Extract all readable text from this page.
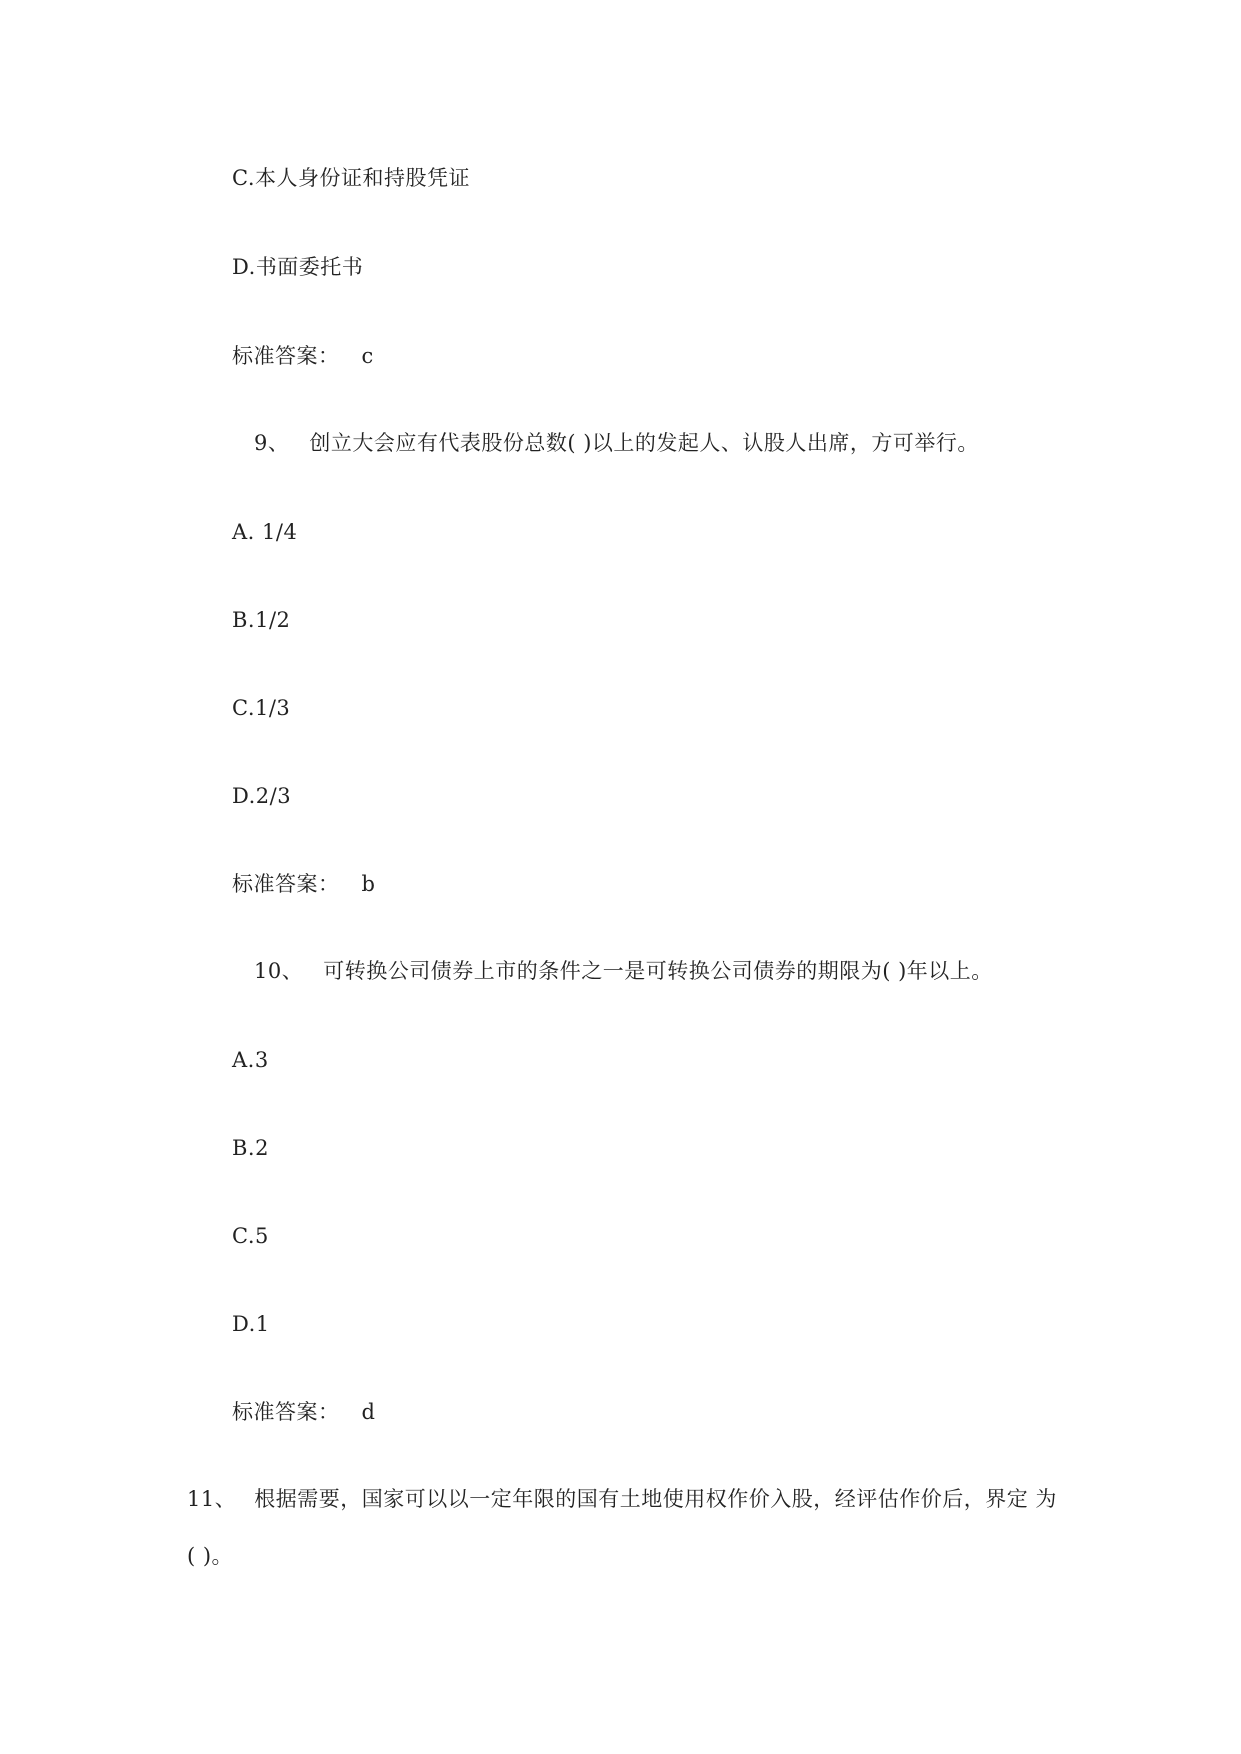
C.本人身份证和持股凭证
D.书面委托书
标准答案： c
9、 创立大会应有代表股份总数( )以上的发起人、认股人出席，方可举行。
A. 1/4
B.1/2
C.1/3
D.2/3
标准答案： b
10、 可转换公司债券上市的条件之一是可转换公司债券的期限为( )年以上。
A.3
B.2
C.5
D.1
标准答案： d
11、 根据需要，国家可以以一定年限的国有土地使用权作价入股，经评估作价后，界定 为
( )。
